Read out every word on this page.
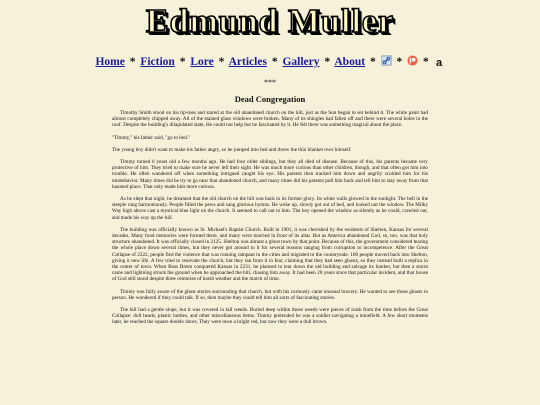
Edmund Muller
Home * Fiction * Lore * Articles * Gallery * About * * * a
***
Dead Congregation

Timothy Smith stood on his tip-toes and stared at the old abandoned church on the hill, just as the Sun began to set behind it. The white paint had almost completely chipped away. All of the stained glass windows were broken. Many of its shingles had fallen off and there were several holes in the roof. Despite the building's dilapidated state, He could not help but be fascinated by it. He felt there was something magical about the place.

"Timmy," his father said, "go to bed."

The young boy didn't want to make his father angry, so he jumped into bed and threw the thin blanket over himself.

Timmy turned 6 years old a few months ago. He had four older siblings, but they all died of disease. Because of this, his parents became very protective of him. They tried to make sure he never left their sight. He was much more curious than other children, though, and that often got him into trouble. He often wandered off when something intrigued caught his eye. His parents then tracked him down and angrily scolded him for his misbehavior. Many times did he try to go near that abandoned church, and many times did his parents pull him back and tell him to stay away from that haunted place. That only made him more curious.

As he slept that night, he dreamed that the old church on the hill was back to its former glory. Its white walls glowed in the sunlight. The bell in the steeple rang harmoniously. People filled the pews and sang glorious hymns. He woke up, slowly got out of bed, and looked out the window. The Milky Way high above cast a mystical blue light on the church. It seemed to call out to him. The boy opened the window as silently as he could, crawled out, and made his way up the hill.

The building was officially known as St. Michael's Baptist Church. Built in 1901, it was cherished by the residents of Shelton, Kansas for several decades. Many fond memories were formed there, and many were married in front of its altar. But as America abandoned God, so, too, was that holy structure abandoned. It was officially closed in 2125. Shelton was almost a ghost town by that point. Because of this, the government considered tearing the whole place down several times, but they never got around to it for several reasons ranging from corruption to incompetence. After the Great Collapse of 2222, people fled the violence that was running rampant in the cities and migrated to the countryside. 100 people moved back into Shelton, giving it new life. A few tried to renovate the church, but they ran from it in fear, claiming that they had seen ghosts, so they instead built a replica in the center of town. When Boss Breen conquered Kansas in 2231, he planned to tear down the old building and salvage its lumber, but then a storm came and lightning struck the ground when he approached the hill, chasing him away. It had been 20 years since that particular incident, and that house of God still stood despite three centuries of harsh weather and the march of time.

Timmy was fully aware of the ghost stories surrounding that church, but with his curiously came unusual bravery. He wanted to see those ghosts in person. He wondered if they could talk. If so, then maybe they could tell him all sorts of fascinating stories.

The hill had a gentle slope, but it was covered in tall weeds. Buried deep within those weeds were pieces of trash from the time before the Great Collapse: doll heads, plastic bottles, and other miscellaneous items. Timmy pretended he was a soldier navigating a minefield. A few short moments later, he reached the square double doors. They were once a bright red, but now they were a dull brown.
